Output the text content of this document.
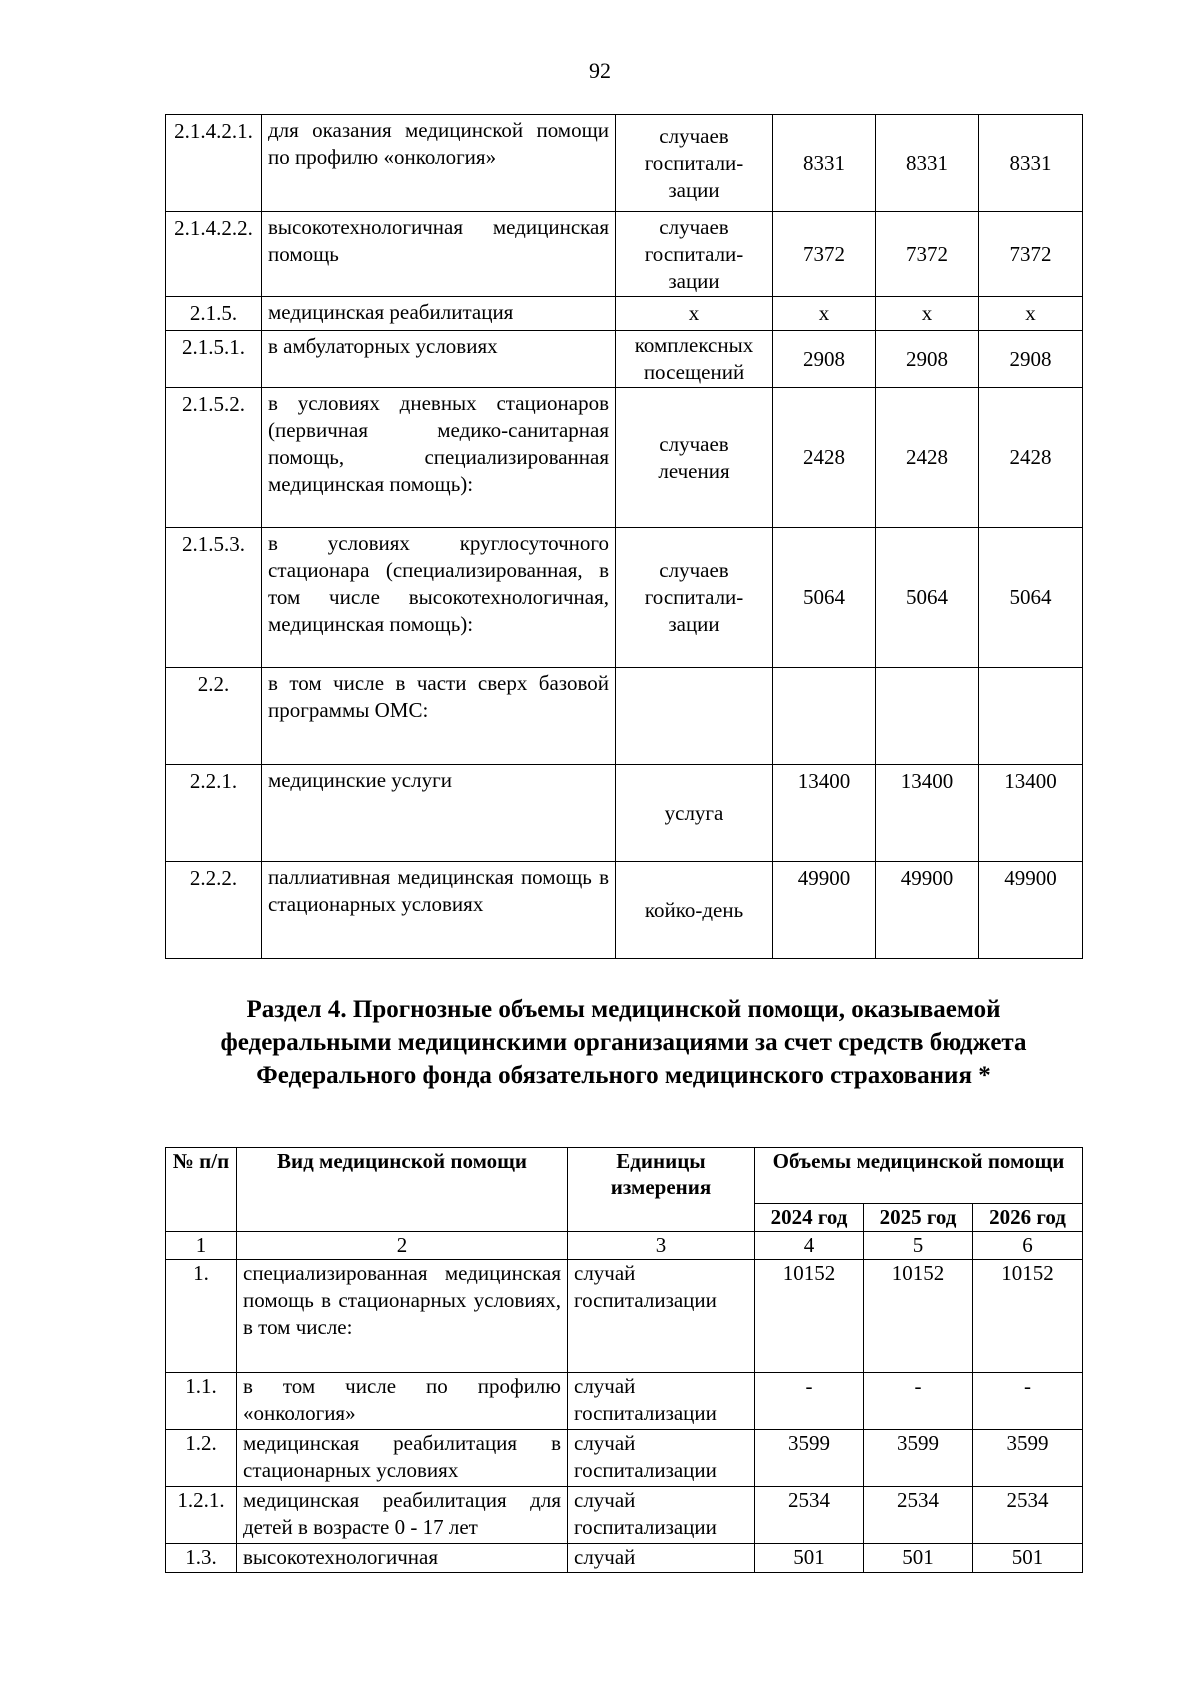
92
2.1.4.2.1.	для оказания медицинской помощи по профилю «онкология»	случаев госпитали-зации	8331	8331	8331
2.1.4.2.2.	высокотехнологичная медицинская помощь	случаев госпитали-зации	7372	7372	7372
2.1.5.	медицинская реабилитация	х	х	х	х
2.1.5.1.	в амбулаторных условиях	комплексных посещений	2908	2908	2908
2.1.5.2.	в условиях дневных стационаров (первичная медико-санитарная помощь, специализированная медицинская помощь):	случаев лечения	2428	2428	2428
2.1.5.3.	в условиях круглосуточного стационара (специализированная, в том числе высокотехнологичная, медицинская помощь):	случаев госпитали-зации	5064	5064	5064
2.2.	в том числе в части сверх базовой программы ОМС:				
2.2.1.	медицинские услуги	услуга	13400	13400	13400
2.2.2.	паллиативная медицинская помощь в стационарных условиях	койко-день	49900	49900	49900
Раздел 4. Прогнозные объемы медицинской помощи, оказываемой федеральными медицинскими организациями за счет средств бюджета Федерального фонда обязательного медицинского страхования *
№ п/п	Вид медицинской помощи	Единицы измерения	Объемы медицинской помощи		
			2024 год	2025 год	2026 год
1	2	3	4	5	6
1.	специализированная медицинская помощь в стационарных условиях, в том числе:	случай госпитализации	10152	10152	10152
1.1.	в том числе по профилю «онкология»	случай госпитализации	-	-	-
1.2.	медицинская реабилитация в стационарных условиях	случай госпитализации	3599	3599	3599
1.2.1.	медицинская реабилитация для детей в возрасте 0 - 17 лет	случай госпитализации	2534	2534	2534
1.3.	высокотехнологичная	случай	501	501	501
